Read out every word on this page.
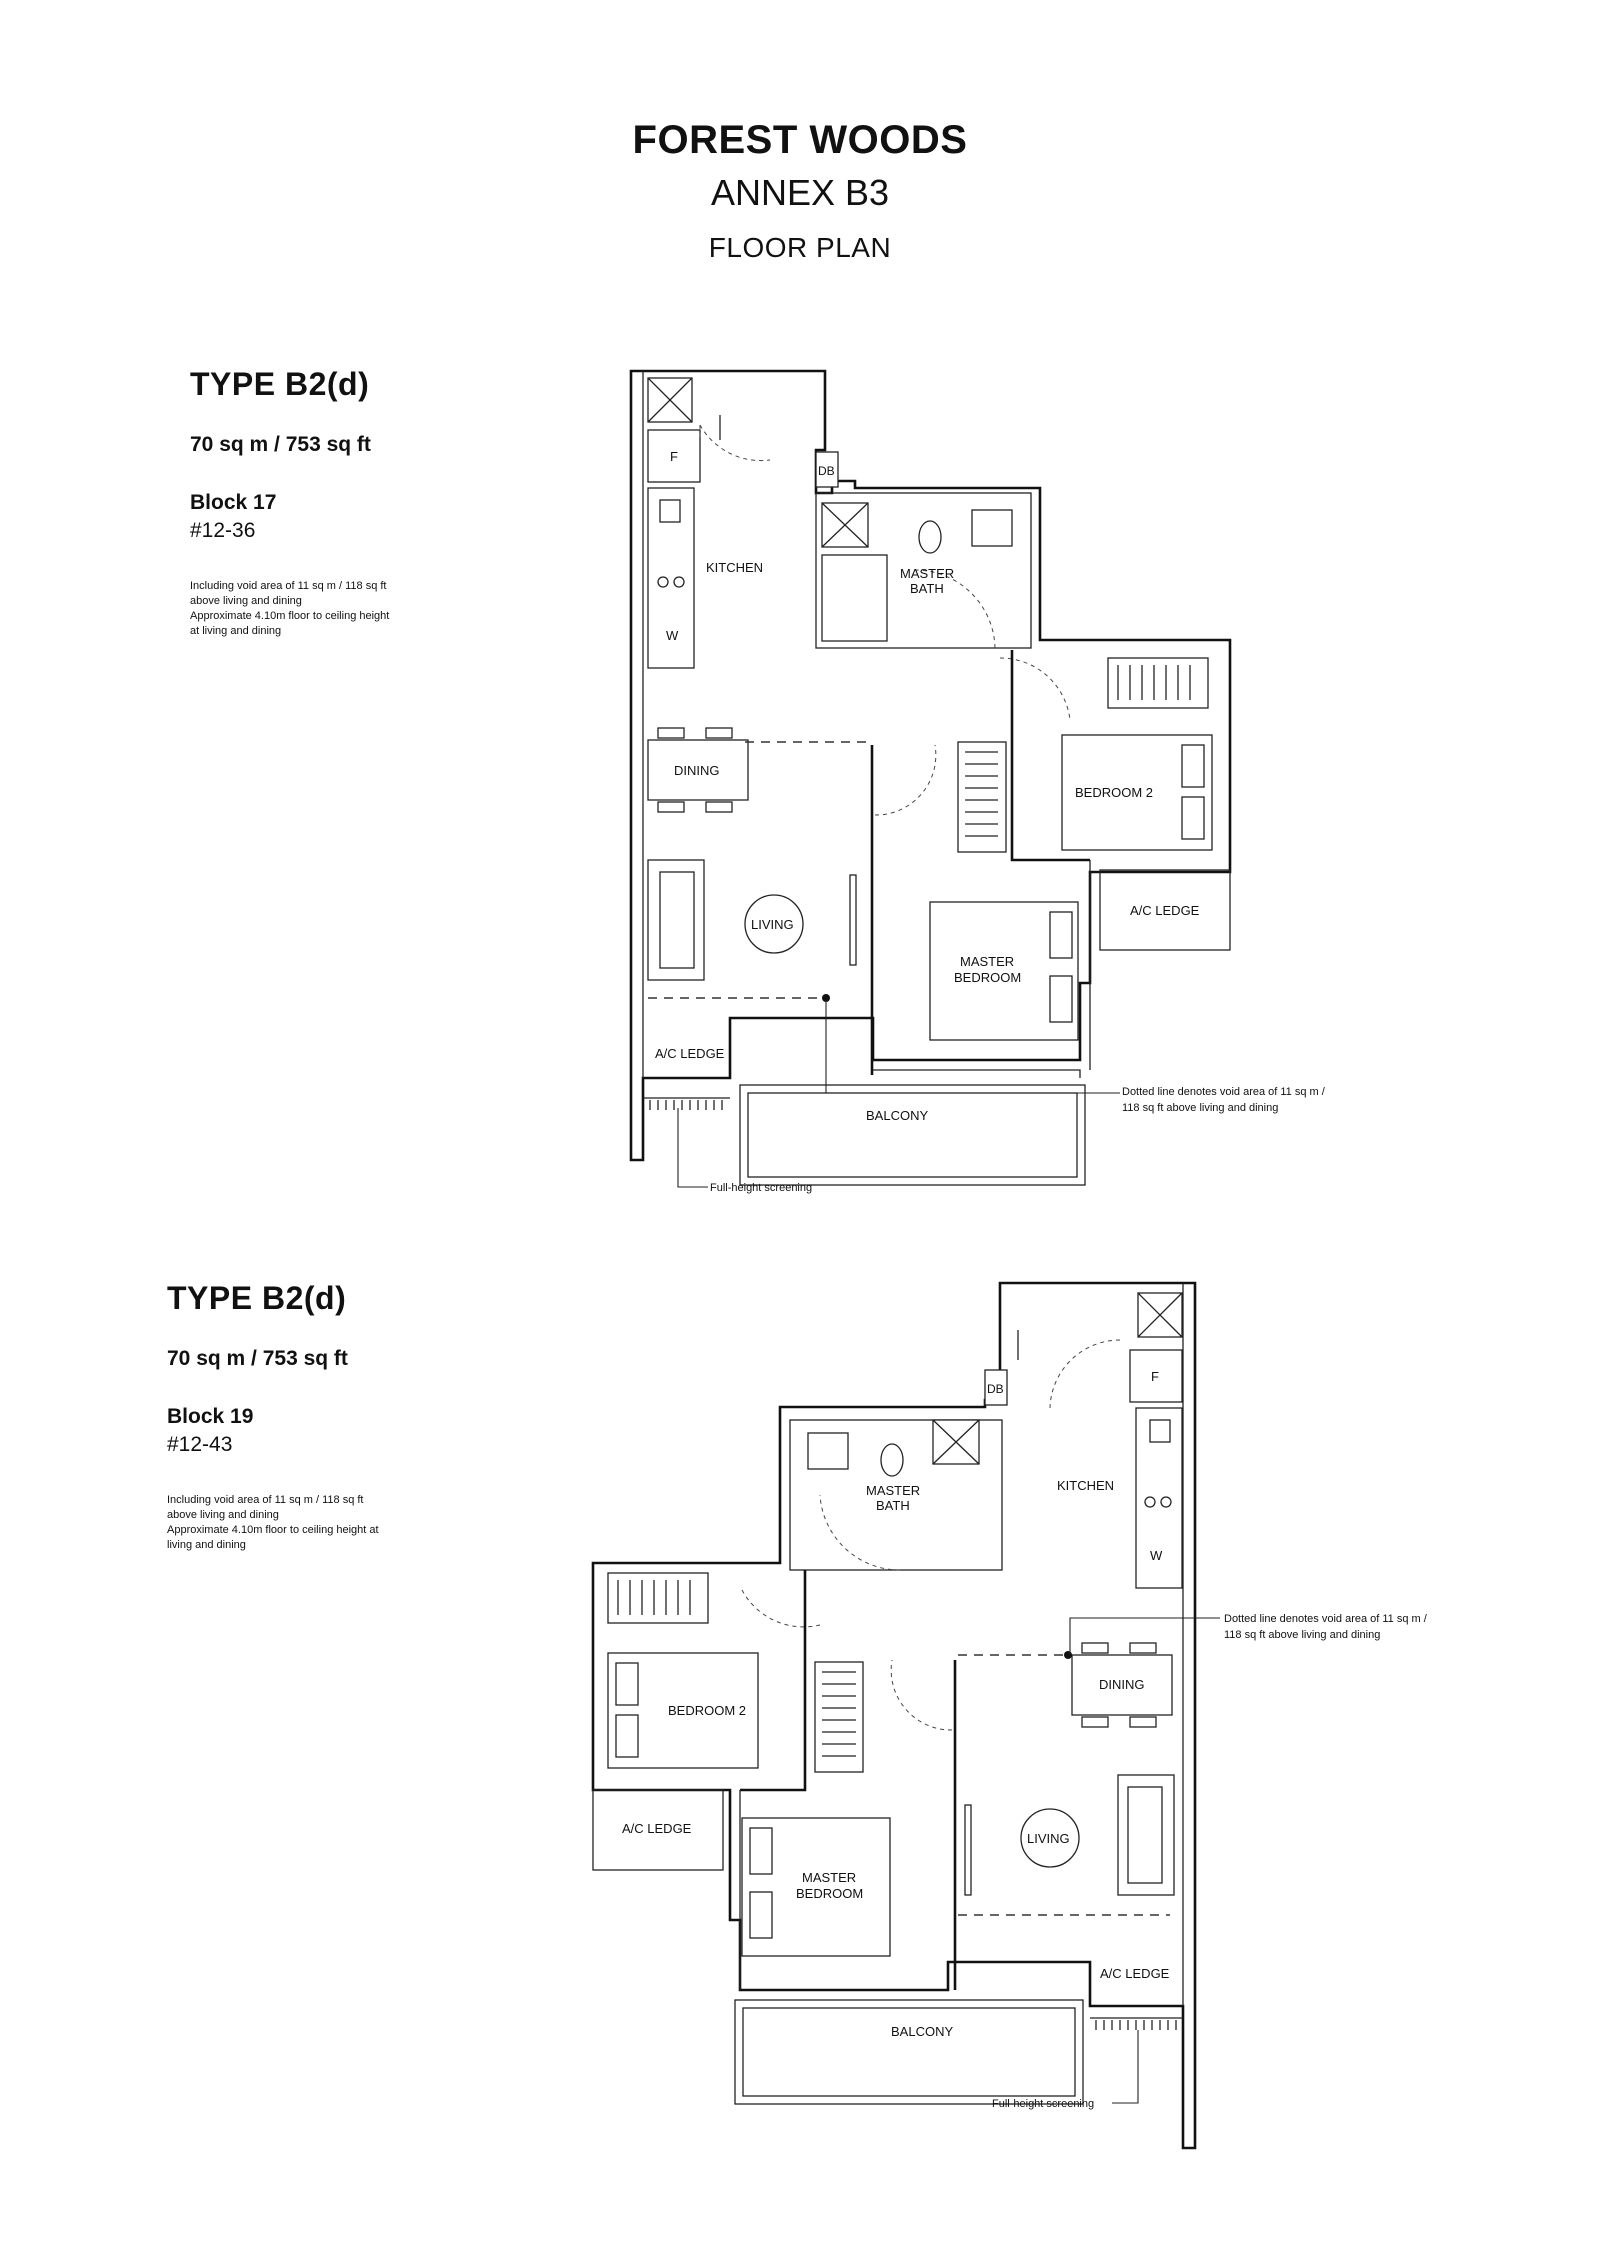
FOREST WOODS
ANNEX B3
FLOOR PLAN
TYPE B2(d)
70 sq m / 753 sq ft
Block 17
#12-36
Including void area of 11 sq m / 118 sq ft
above living and dining
Approximate 4.10m floor to ceiling height
at living and dining
TYPE B2(d)
70 sq m / 753 sq ft
Block 19
#12-43
Including void area of 11 sq m / 118 sq ft
above living and dining
Approximate 4.10m floor to ceiling height at
living and dining
F
W
DB
DINING
LIVING
BEDROOM 2
A/C LEDGE
MASTER
BEDROOM
A/C LEDGE
BALCONY
Dotted line denotes void area of 11 sq m /
118 sq ft above living and dining
Full-height screening
KITCHEN	MASTER
BATH
F
W
DB
DINING
LIVING
BEDROOM 2
A/C LEDGE
MASTER
BEDROOM
A/C LEDGE
BALCONY
Dotted line denotes void area of 11 sq m /
118 sq ft above living and dining
Full-height screening
KITCHEN
MASTER
BATH
